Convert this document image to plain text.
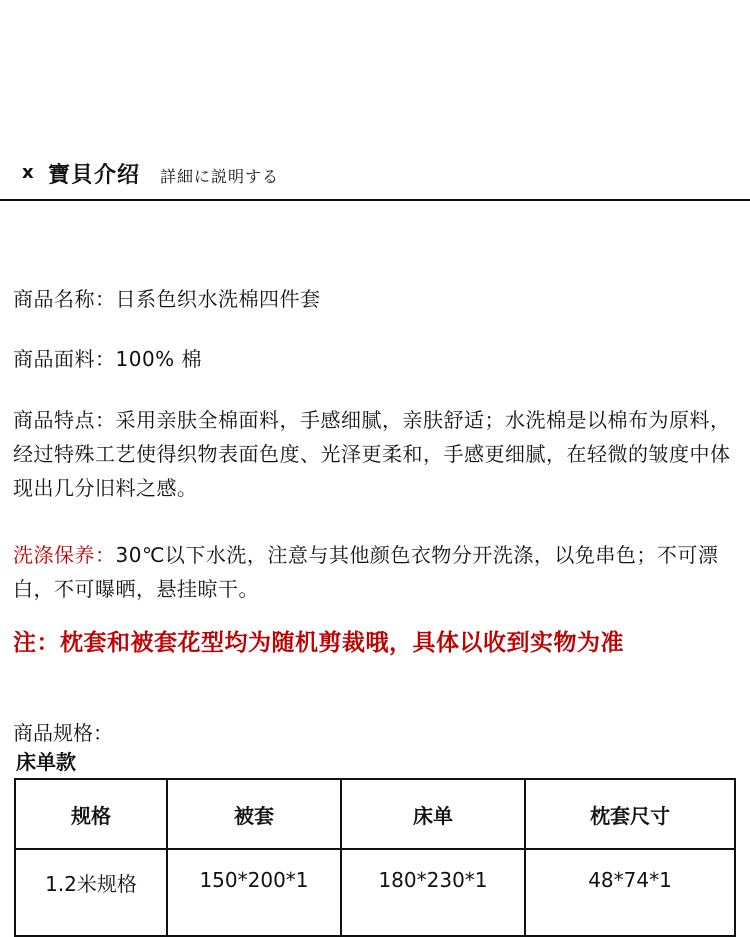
x 寶貝介绍 詳細に説明する
商品名称：日系色织水洗棉四件套
商品面料：100% 棉
商品特点：采用亲肤全棉面料，手感细腻，亲肤舒适；水洗棉是以棉布为原料，经过特殊工艺使得织物表面色度、光泽更柔和，手感更细腻，在轻微的皱度中体现出几分旧料之感。
洗涤保养：30℃以下水洗，注意与其他颜色衣物分开洗涤，以免串色；不可漂白，不可曝晒，悬挂晾干。
注：枕套和被套花型均为随机剪裁哦，具体以收到实物为准
商品规格：
床单款
规格	被套	床单	枕套尺寸
1.2米规格	150*200*1	180*230*1	48*74*1
